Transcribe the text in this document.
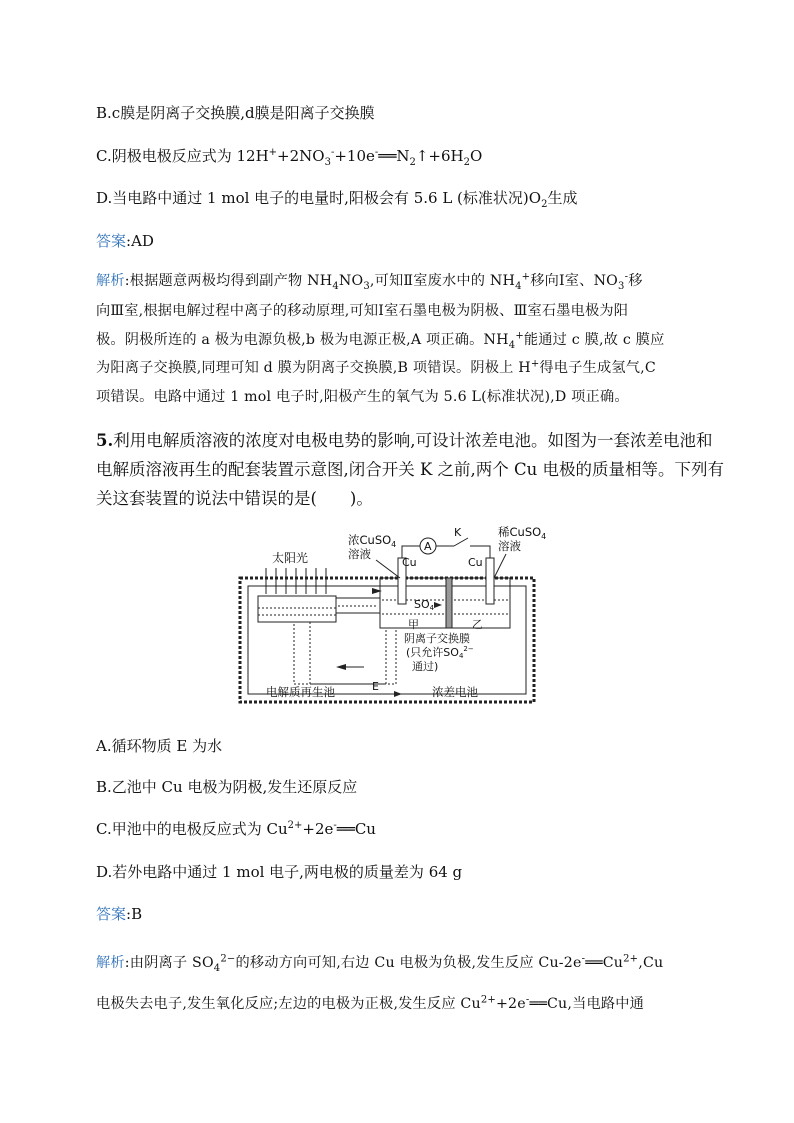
B.c膜是阴离子交换膜,d膜是阳离子交换膜
C.阴极电极反应式为 $12H^++2NO_3^-+10e^-══N_2↑+6H_2O$
D.当电路中通过 1 mol 电子的电量时,阳极会有 5.6 L (标准状况)$O_2$生成
答案:AD
解析:根据题意两极均得到副产物 $NH_4NO_3$,可知Ⅱ室废水中的 $NH_4^+$移向Ⅰ室、$NO_3^-$移
向Ⅲ室,根据电解过程中离子的移动原理,可知Ⅰ室石墨电极为阴极、Ⅲ室石墨电极为阳
极。阴极所连的 a 极为电源负极,b 极为电源正极,A 项正确。$NH_4^+$能通过 c 膜,故 c 膜应
为阳离子交换膜,同理可知 d 膜为阴离子交换膜,B 项错误。阴极上 H+得电子生成氢气,C
项错误。电路中通过 1 mol 电子时,阳极产生的氧气为 5.6 L(标准状况),D 项正确。
5.利用电解质溶液的浓度对电极电势的影响,可设计浓差电池。如图为一套浓差电池和
电解质溶液再生的配套装置示意图,闭合开关 K 之前,两个 Cu 电极的质量相等。下列有
关这套装置的说法中错误的是(　　)。
太阳光
A
K
浓CuSO$_4$
溶液
稀CuSO$_4$
溶液
Cu	Cu
SO4
甲	乙
阴离子交换膜
(只允许$SO4^{2-}$
通过)
电解质再生池	E	浓差电池
A.循环物质 E 为水
B.乙池中 Cu 电极为阴极,发生还原反应
C.甲池中的电极反应式为 $Cu^{2+}+2e^-══Cu$
D.若外电路中通过 1 mol 电子,两电极的质量差为 64 g
答案:B
解析:由阴离子 $SO_4^{2-}$的移动方向可知,右边 Cu 电极为负极,发生反应 $Cu-2e^-══Cu^{2+},Cu$
电极失去电子,发生氧化反应;左边的电极为正极,发生反应 $Cu^{2+}+2e^-══Cu$,当电路中通
